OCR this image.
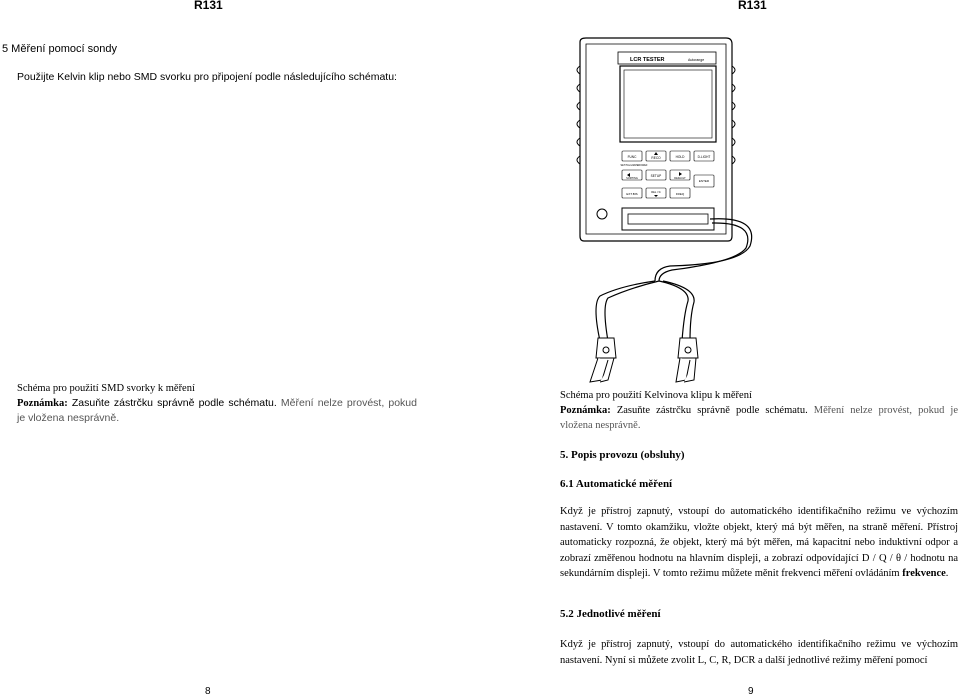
R131	R131
5 Měření pomocí sondy
Použijte Kelvin klip nebo SMD svorku pro připojení podle následujícího schématu:
Schéma pro použití SMD svorky k měření
Poznámka: Zasuňte zástrčku správně podle schématu. Měření nelze provést, pokud je vložena nesprávně.
8
LCR TESTER	Autorange
FUNC	RECO	HOLD	D-LIGHT
SET/ΤΑL/LIM/ZERO/REF
SORTING
SETUP
DEFAULT
ENTER
EXT.BIS	REL / %	FREQ
Schéma pro použití Kelvinova klipu k měření
Poznámka: Zasuňte zástrčku správně podle schématu. Měření nelze provést, pokud je vložena nesprávně.
5. Popis provozu (obsluhy)
6.1 Automatické měření
Když je přístroj zapnutý, vstoupí do automatického identifikačního režimu ve výchozím nastavení. V tomto okamžiku, vložte objekt, který má být měřen, na straně měření. Přístroj automaticky rozpozná, že objekt, který má být měřen, má kapacitní nebo induktivní odpor a zobrazí změřenou hodnotu na hlavním displeji, a zobrazí odpovídající D / Q / θ / hodnotu na sekundárním displeji. V tomto režimu můžete měnit frekvenci měření ovládáním frekvence.
5.2 Jednotlivé měření
Když je přístroj zapnutý, vstoupí do automatického identifikačního režimu ve výchozím nastavení. Nyní si můžete zvolit L, C, R, DCR a další jednotlivé režimy měření pomocí
9
